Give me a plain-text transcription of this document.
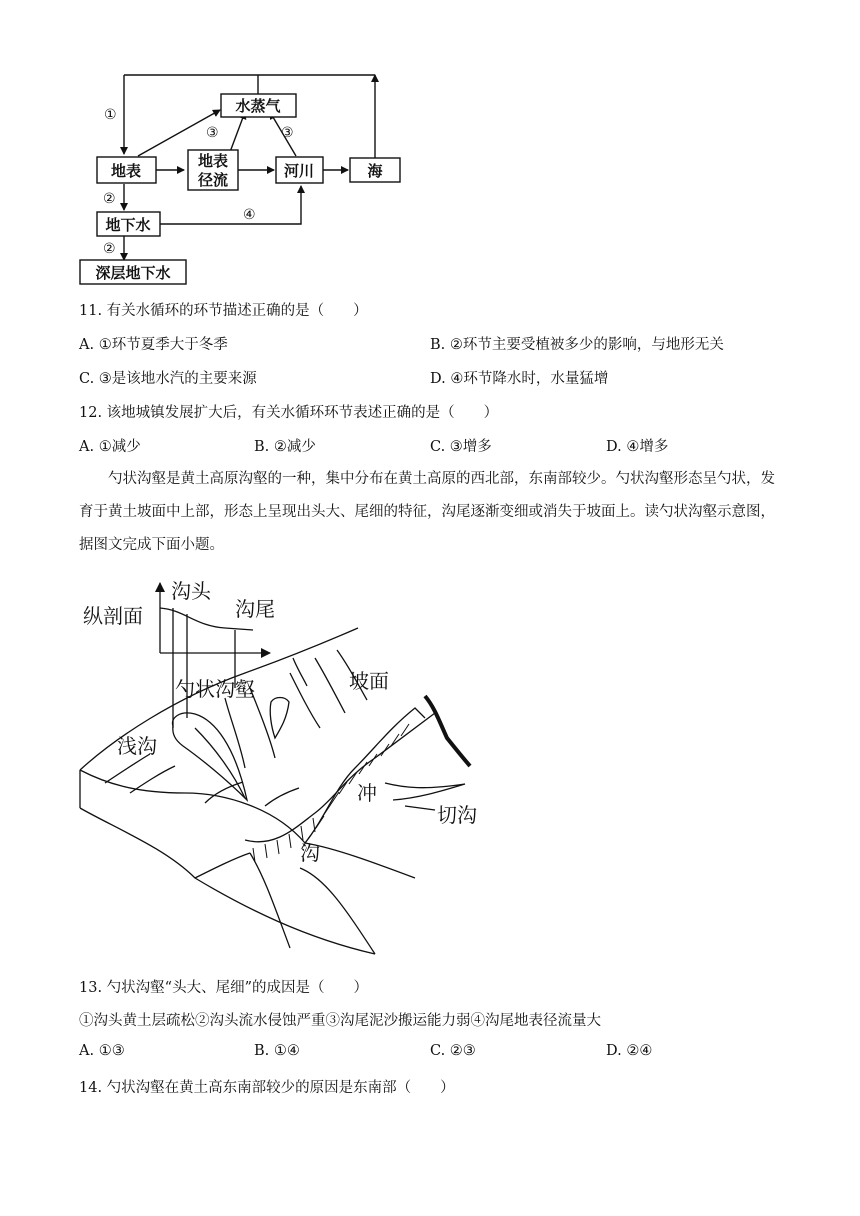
水蒸气
地表
地表
径流	河川	海
地下水
深层地下水
①
②
②
③	③
④
11. 有关水循环的环节描述正确的是（　　）
A. ①环节夏季大于冬季	B. ②环节主要受植被多少的影响，与地形无关
C. ③是该地水汽的主要来源	D. ④环节降水时，水量猛增
12. 该地城镇发展扩大后，有关水循环环节表述正确的是（　　）
A. ①减少	B. ②减少	C. ③增多	D. ④增多
勺状沟壑是黄土高原沟壑的一种，集中分布在黄土高原的西北部，东南部较少。勺状沟壑形态呈勺状，发育于黄土坡面中上部，形态上呈现出头大、尾细的特征，沟尾逐渐变细或消失于坡面上。读勺状沟壑示意图，据图文完成下面小题。
纵剖面
沟头
沟尾
勺状沟壑	坡面
浅沟
冲
沟
切沟
13. 勺状沟壑“头大、尾细”的成因是（　　）
①沟头黄土层疏松②沟头流水侵蚀严重③沟尾泥沙搬运能力弱④沟尾地表径流量大
A. ①③	B. ①④	C. ②③	D. ②④
14. 勺状沟壑在黄土高东南部较少的原因是东南部（　　）
